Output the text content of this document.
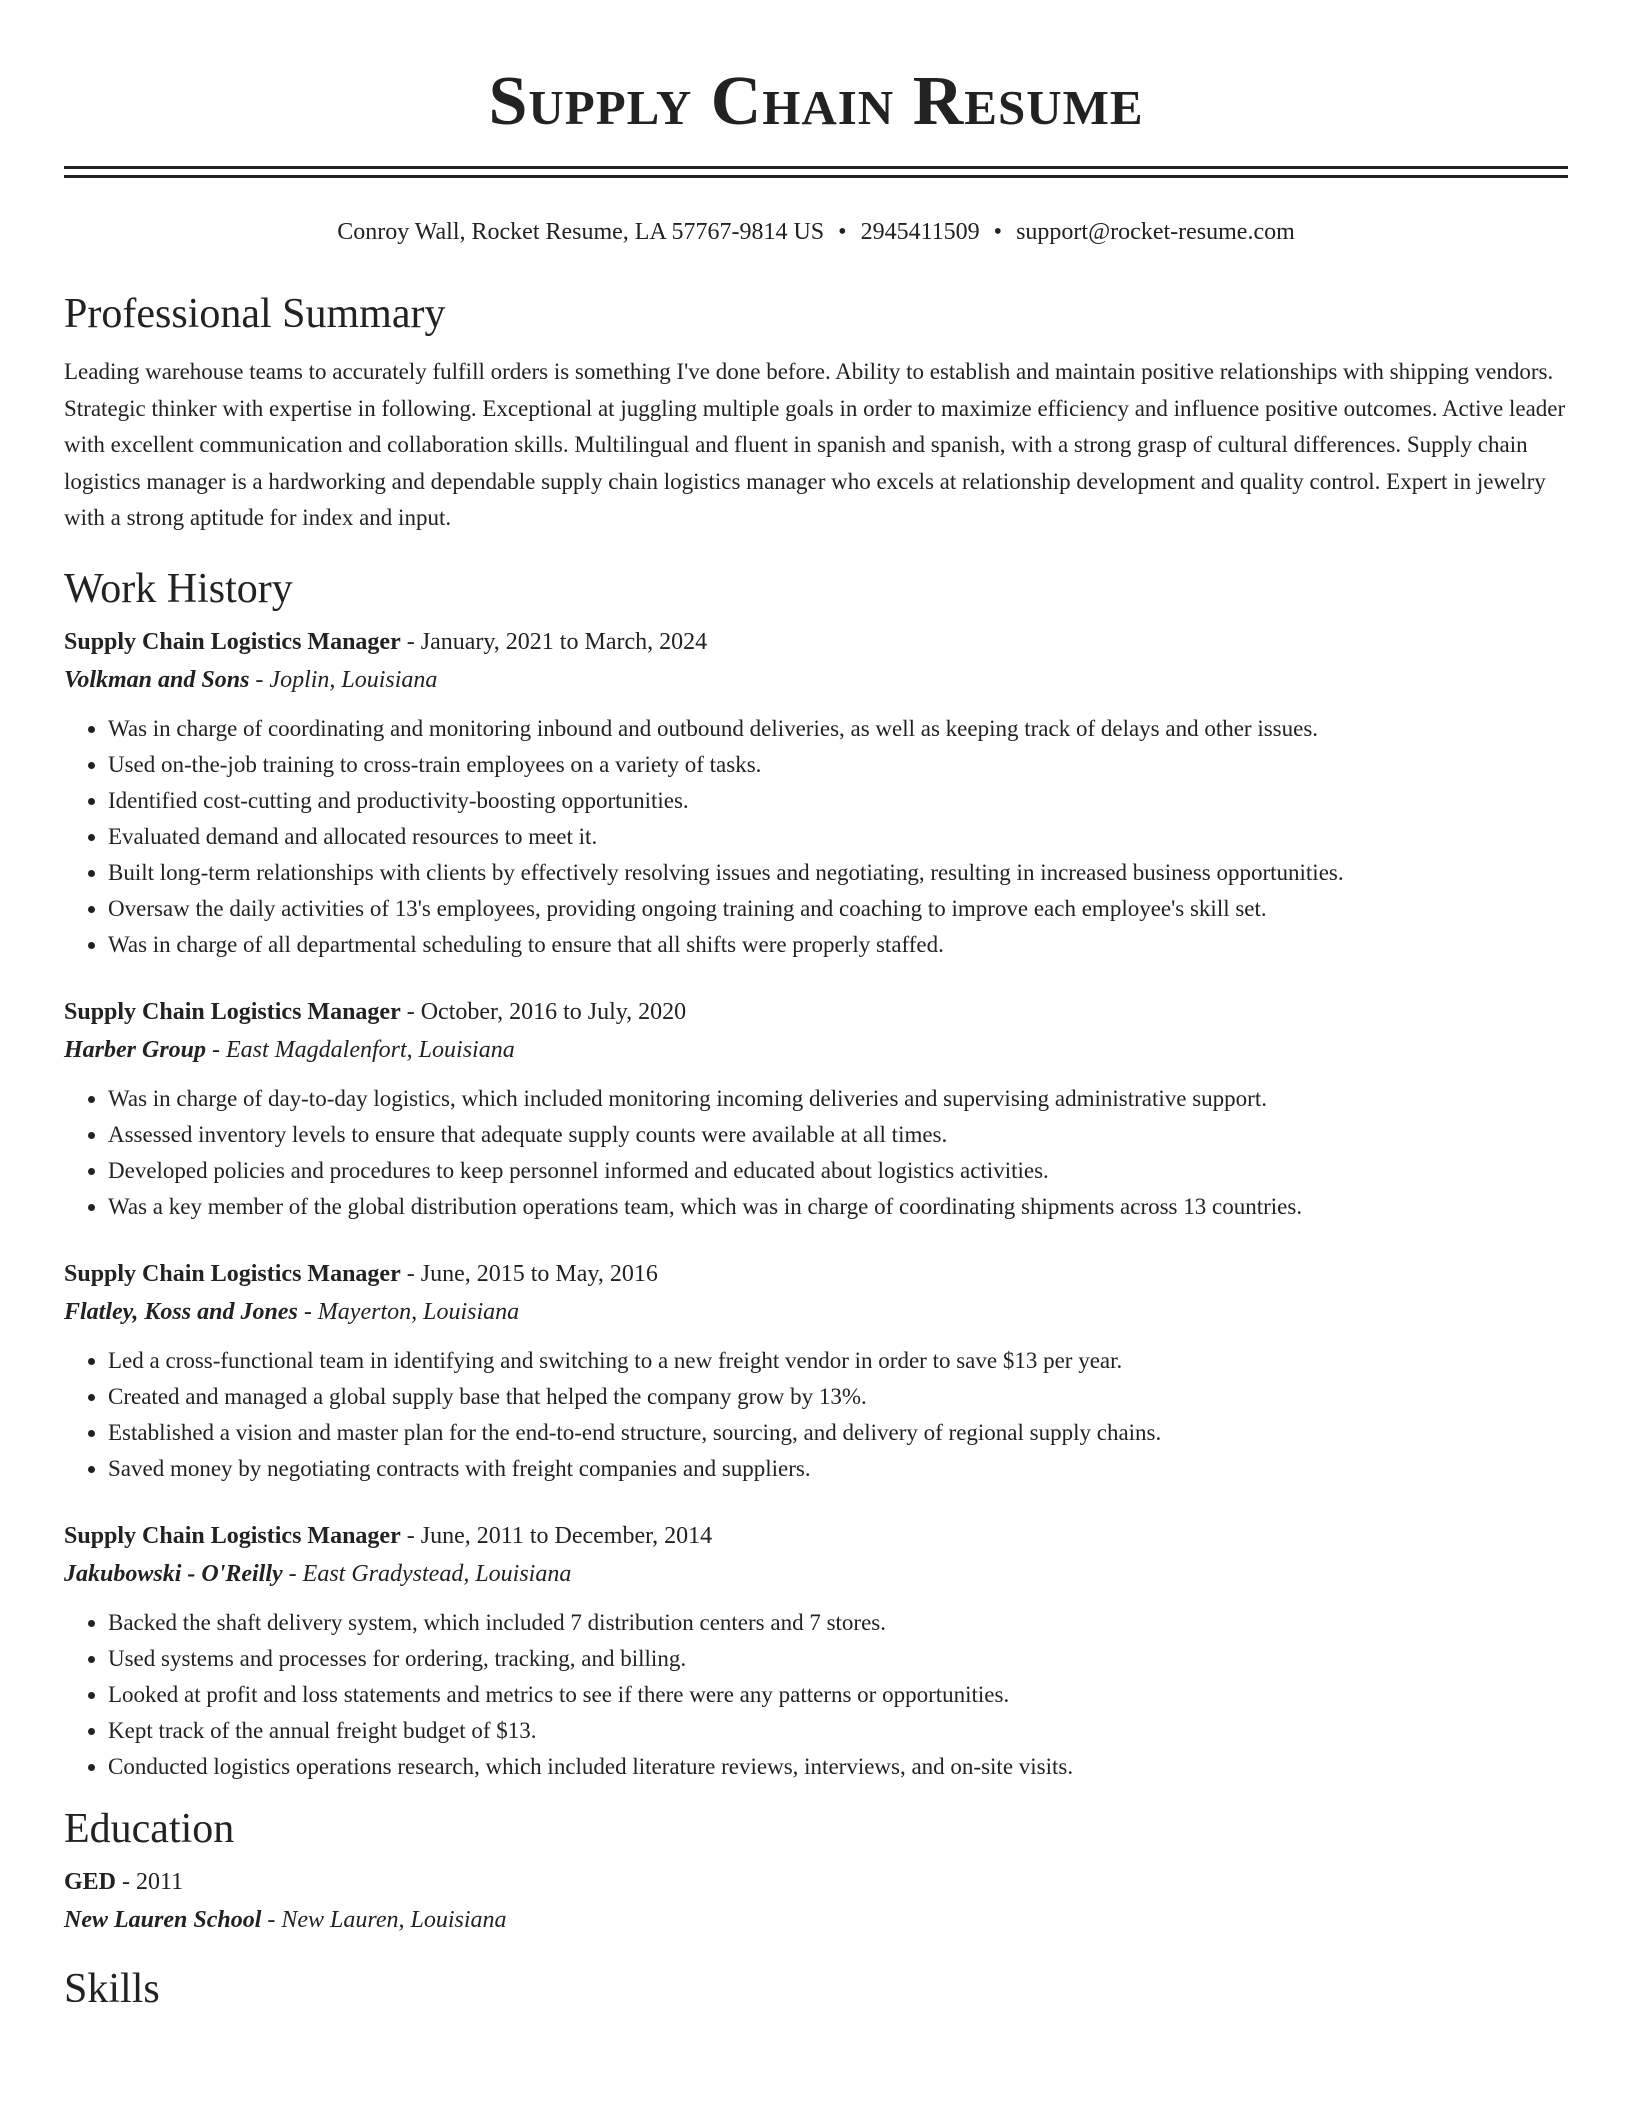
Supply Chain Resume
Conroy Wall, Rocket Resume, LA 57767-9814 US • 2945411509 • support@rocket-resume.com
Professional Summary
Leading warehouse teams to accurately fulfill orders is something I've done before. Ability to establish and maintain positive relationships with shipping vendors. Strategic thinker with expertise in following. Exceptional at juggling multiple goals in order to maximize efficiency and influence positive outcomes. Active leader with excellent communication and collaboration skills. Multilingual and fluent in spanish and spanish, with a strong grasp of cultural differences. Supply chain logistics manager is a hardworking and dependable supply chain logistics manager who excels at relationship development and quality control. Expert in jewelry with a strong aptitude for index and input.
Work History
Supply Chain Logistics Manager - January, 2021 to March, 2024
Volkman and Sons - Joplin, Louisiana
• Was in charge of coordinating and monitoring inbound and outbound deliveries, as well as keeping track of delays and other issues.
• Used on-the-job training to cross-train employees on a variety of tasks.
• Identified cost-cutting and productivity-boosting opportunities.
• Evaluated demand and allocated resources to meet it.
• Built long-term relationships with clients by effectively resolving issues and negotiating, resulting in increased business opportunities.
• Oversaw the daily activities of 13's employees, providing ongoing training and coaching to improve each employee's skill set.
• Was in charge of all departmental scheduling to ensure that all shifts were properly staffed.
Supply Chain Logistics Manager - October, 2016 to July, 2020
Harber Group - East Magdalenfort, Louisiana
• Was in charge of day-to-day logistics, which included monitoring incoming deliveries and supervising administrative support.
• Assessed inventory levels to ensure that adequate supply counts were available at all times.
• Developed policies and procedures to keep personnel informed and educated about logistics activities.
• Was a key member of the global distribution operations team, which was in charge of coordinating shipments across 13 countries.
Supply Chain Logistics Manager - June, 2015 to May, 2016
Flatley, Koss and Jones - Mayerton, Louisiana
• Led a cross-functional team in identifying and switching to a new freight vendor in order to save $13 per year.
• Created and managed a global supply base that helped the company grow by 13%.
• Established a vision and master plan for the end-to-end structure, sourcing, and delivery of regional supply chains.
• Saved money by negotiating contracts with freight companies and suppliers.
Supply Chain Logistics Manager - June, 2011 to December, 2014
Jakubowski - O'Reilly - East Gradystead, Louisiana
• Backed the shaft delivery system, which included 7 distribution centers and 7 stores.
• Used systems and processes for ordering, tracking, and billing.
• Looked at profit and loss statements and metrics to see if there were any patterns or opportunities.
• Kept track of the annual freight budget of $13.
• Conducted logistics operations research, which included literature reviews, interviews, and on-site visits.
Education
GED - 2011
New Lauren School - New Lauren, Louisiana
Skills
